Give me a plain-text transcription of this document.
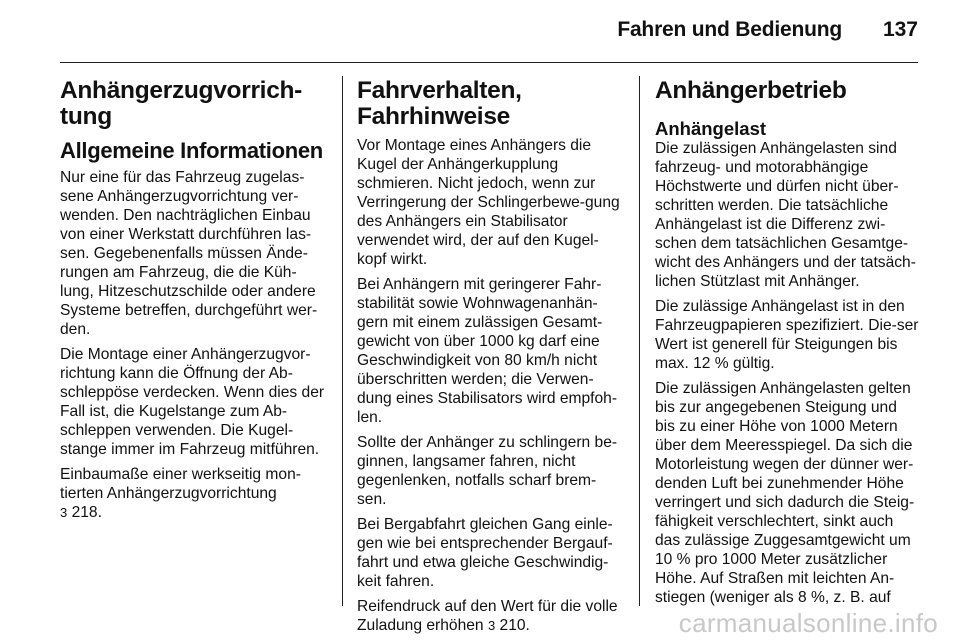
Fahren und Bedienung 137
Anhängerzugvorrich-
tung
Allgemeine Informationen

Nur eine für das Fahrzeug zugelas-sene Anhängerzugvorrichtung ver-wenden. Den nachträglichen Einbau von einer Werkstatt durchführen las-sen. Gegebenenfalls müssen Ände-rungen am Fahrzeug, die die Küh-lung, Hitzeschutzschilde oder andere Systeme betreffen, durchgeführt wer-den.

Die Montage einer Anhängerzugvor-richtung kann die Öffnung der Ab-schleppöse verdecken. Wenn dies der Fall ist, die Kugelstange zum Ab-schleppen verwenden. Die Kugel-stange immer im Fahrzeug mitführen.

Einbaumaße einer werkseitig mon-tierten Anhängerzugvorrichtung
3 218.

Fahrverhalten,
Fahrhinweise

Vor Montage eines Anhängers die Kugel der Anhängerkupplung schmieren. Nicht jedoch, wenn zur Verringerung der Schlingerbewe-gung des Anhängers ein Stabilisator verwendet wird, der auf den Kugel-kopf wirkt.

Bei Anhängern mit geringerer Fahr-stabilität sowie Wohnwagenanhän-gern mit einem zulässigen Gesamt-gewicht von über 1000 kg darf eine Geschwindigkeit von 80 km/h nicht überschritten werden; die Verwen-dung eines Stabilisators wird empfoh-len.

Sollte der Anhänger zu schlingern be-ginnen, langsamer fahren, nicht gegenlenken, notfalls scharf brem-sen.

Bei Bergabfahrt gleichen Gang einle-gen wie bei entsprechender Bergauf-fahrt und etwa gleiche Geschwindig-keit fahren.

Reifendruck auf den Wert für die volle Zuladung erhöhen 3 210.

Anhängerbetrieb
Anhängelast

Die zulässigen Anhängelasten sind fahrzeug- und motorabhängige Höchstwerte und dürfen nicht über-schritten werden. Die tatsächliche Anhängelast ist die Differenz zwi-schen dem tatsächlichen Gesamtge-wicht des Anhängers und der tatsäch-lichen Stützlast mit Anhänger.

Die zulässige Anhängelast ist in den Fahrzeugpapieren spezifiziert. Die-ser Wert ist generell für Steigungen bis max. 12 % gültig.

Die zulässigen Anhängelasten gelten bis zur angegebenen Steigung und bis zu einer Höhe von 1000 Metern über dem Meeresspiegel. Da sich die Motorleistung wegen der dünner wer-denden Luft bei zunehmender Höhe verringert und sich dadurch die Steig-fähigkeit verschlechtert, sinkt auch das zulässige Zuggesamtgewicht um 10 % pro 1000 Meter zusätzlicher Höhe. Auf Straßen mit leichten An-stiegen (weniger als 8 %, z. B. auf

carmanualsonline.info
